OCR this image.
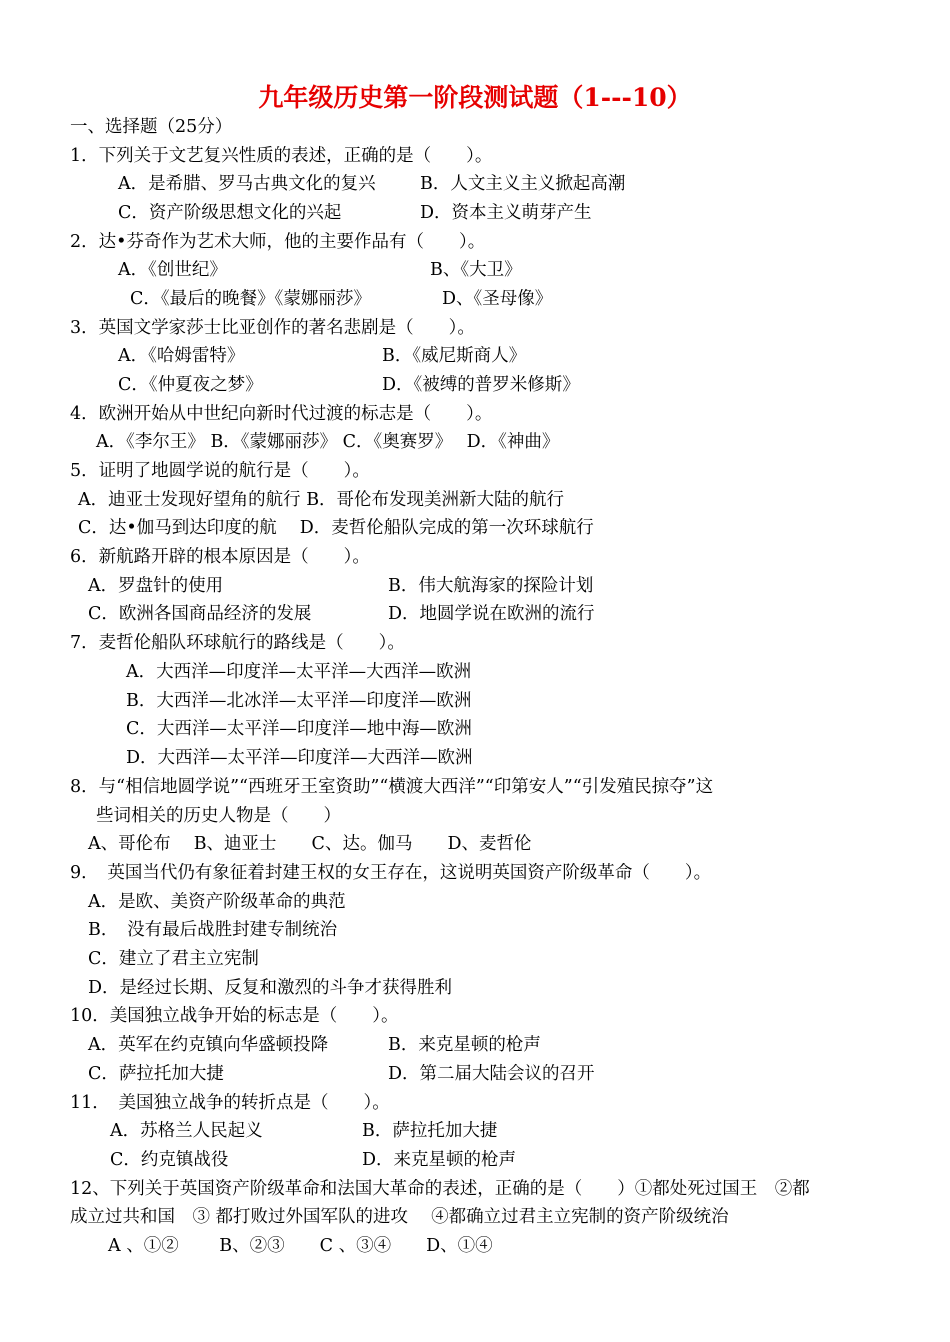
九年级历史第一阶段测试题（1---10）
一、选择题（25分）
1．下列关于文艺复兴性质的表述，正确的是（　　）。
A．是希腊、罗马古典文化的复兴	B．人文主义主义掀起高潮
C．资产阶级思想文化的兴起	D．资本主义萌芽产生
2．达•芬奇作为艺术大师，他的主要作品有（　　）。
A．《创世纪》	B、《大卫》
C．《最后的晚餐》《蒙娜丽莎》	D、《圣母像》
3．英国文学家莎士比亚创作的著名悲剧是（　　）。
A．《哈姆雷特》	B．《威尼斯商人》
C．《仲夏夜之梦》	D．《被缚的普罗米修斯》
4．欧洲开始从中世纪向新时代过渡的标志是（　　）。
A．《李尔王》 B．《蒙娜丽莎》 C．《奥赛罗》　 D．《神曲》
5．证明了地圆学说的航行是（　　）。
A．迪亚士发现好望角的航行 B．哥伦布发现美洲新大陆的航行
C．达•伽马到达印度的航　 D．麦哲伦船队完成的第一次环球航行
6．新航路开辟的根本原因是（　　）。
A．罗盘针的使用	B．伟大航海家的探险计划
C．欧洲各国商品经济的发展	D．地圆学说在欧洲的流行
7．麦哲伦船队环球航行的路线是（　　）。
A．大西洋—印度洋—太平洋—大西洋—欧洲
B．大西洋—北冰洋—太平洋—印度洋—欧洲
C．大西洋—太平洋—印度洋—地中海—欧洲
D．大西洋—太平洋—印度洋—大西洋—欧洲
8．与“相信地圆学说”“西班牙王室资助”“横渡大西洋”“印第安人”“引发殖民掠夺”这
些词相关的历史人物是（　　）
A、哥伦布　 B、迪亚士　　C、达。伽马　　D、麦哲伦
9．　英国当代仍有象征着封建王权的女王存在，这说明英国资产阶级革命（　　）。
A．是欧、美资产阶级革命的典范
B．　没有最后战胜封建专制统治
C．建立了君主立宪制
D．是经过长期、反复和激烈的斗争才获得胜利
10．美国独立战争开始的标志是（　　）。
A．英军在约克镇向华盛顿投降	B．来克星顿的枪声
C．萨拉托加大捷	D．第二届大陆会议的召开
11．　美国独立战争的转折点是（　　）。
A．苏格兰人民起义	B．萨拉托加大捷
C．约克镇战役	D．来克星顿的枪声
12、下列关于英国资产阶级革命和法国大革命的表述，正确的是（　　）①都处死过国王　②都
成立过共和国　③ 都打败过外国军队的进攻　 ④都确立过君主立宪制的资产阶级统治
A 、①②　　 B、②③　　C 、③④　　D、①④
